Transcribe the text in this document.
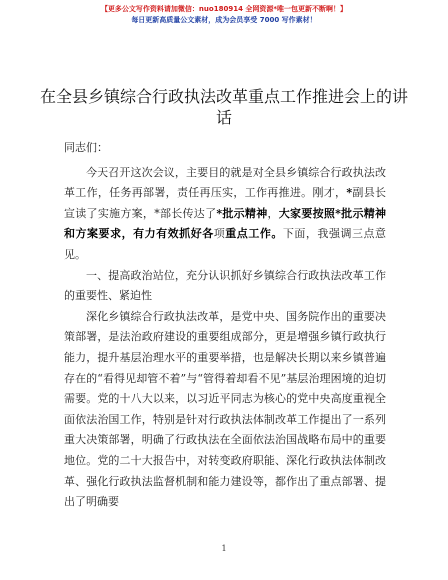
【更多公文写作资料请加微信：nuo180914 全网资源*唯一包更新不断啊！】
每日更新高质量公文素材，成为会员享受 7000 写作素材！
在全县乡镇综合行政执法改革重点工作推进会上的讲话

同志们：

今天召开这次会议，主要目的就是对全县乡镇综合行政执法改革工作，任务再部署，责任再压实，工作再推进。刚才，*副县长宣读了实施方案，*部长传达了*批示精神，大家要按照*批示精神和方案要求，有力有效抓好各项重点工作。下面，我强调三点意见。

一、提高政治站位，充分认识抓好乡镇综合行政执法改革工作的重要性、紧迫性

深化乡镇综合行政执法改革，是党中央、国务院作出的重要决策部署，是法治政府建设的重要组成部分，更是增强乡镇行政执行能力，提升基层治理水平的重要举措，也是解决长期以来乡镇普遍存在的“看得见却管不着”与“管得着却看不见”基层治理困境的迫切需要。党的十八大以来，以习近平同志为核心的党中央高度重视全面依法治国工作，特别是针对行政执法体制改革工作提出了一系列重大决策部署，明确了行政执法在全面依法治国战略布局中的重要地位。党的二十大报告中，对转变政府职能、深化行政执法体制改革、强化行政执法监督机制和能力建设等，都作出了重点部署、提出了明确要

1
